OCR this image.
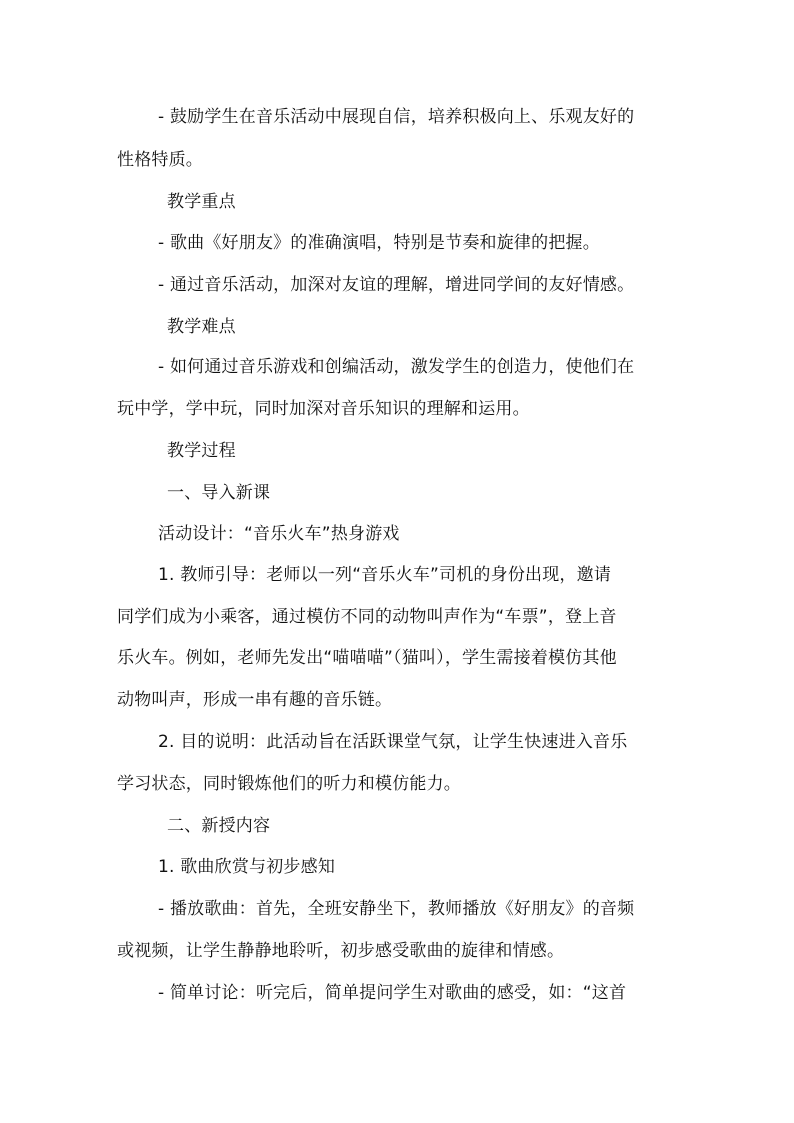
- 鼓励学生在音乐活动中展现自信，培养积极向上、乐观友好的
性格特质。
教学重点
- 歌曲《好朋友》的准确演唱，特别是节奏和旋律的把握。
- 通过音乐活动，加深对友谊的理解，增进同学间的友好情感。
教学难点
- 如何通过音乐游戏和创编活动，激发学生的创造力，使他们在
玩中学，学中玩，同时加深对音乐知识的理解和运用。
教学过程
一、导入新课
活动设计：“音乐火车”热身游戏
1. 教师引导：老师以一列“音乐火车”司机的身份出现，邀请
同学们成为小乘客，通过模仿不同的动物叫声作为“车票”，登上音
乐火车。例如，老师先发出“喵喵喵”（猫叫），学生需接着模仿其他
动物叫声，形成一串有趣的音乐链。
2. 目的说明：此活动旨在活跃课堂气氛，让学生快速进入音乐
学习状态，同时锻炼他们的听力和模仿能力。
二、新授内容
1. 歌曲欣赏与初步感知
- 播放歌曲：首先，全班安静坐下，教师播放《好朋友》的音频
或视频，让学生静静地聆听，初步感受歌曲的旋律和情感。
- 简单讨论：听完后，简单提问学生对歌曲的感受，如：“这首
